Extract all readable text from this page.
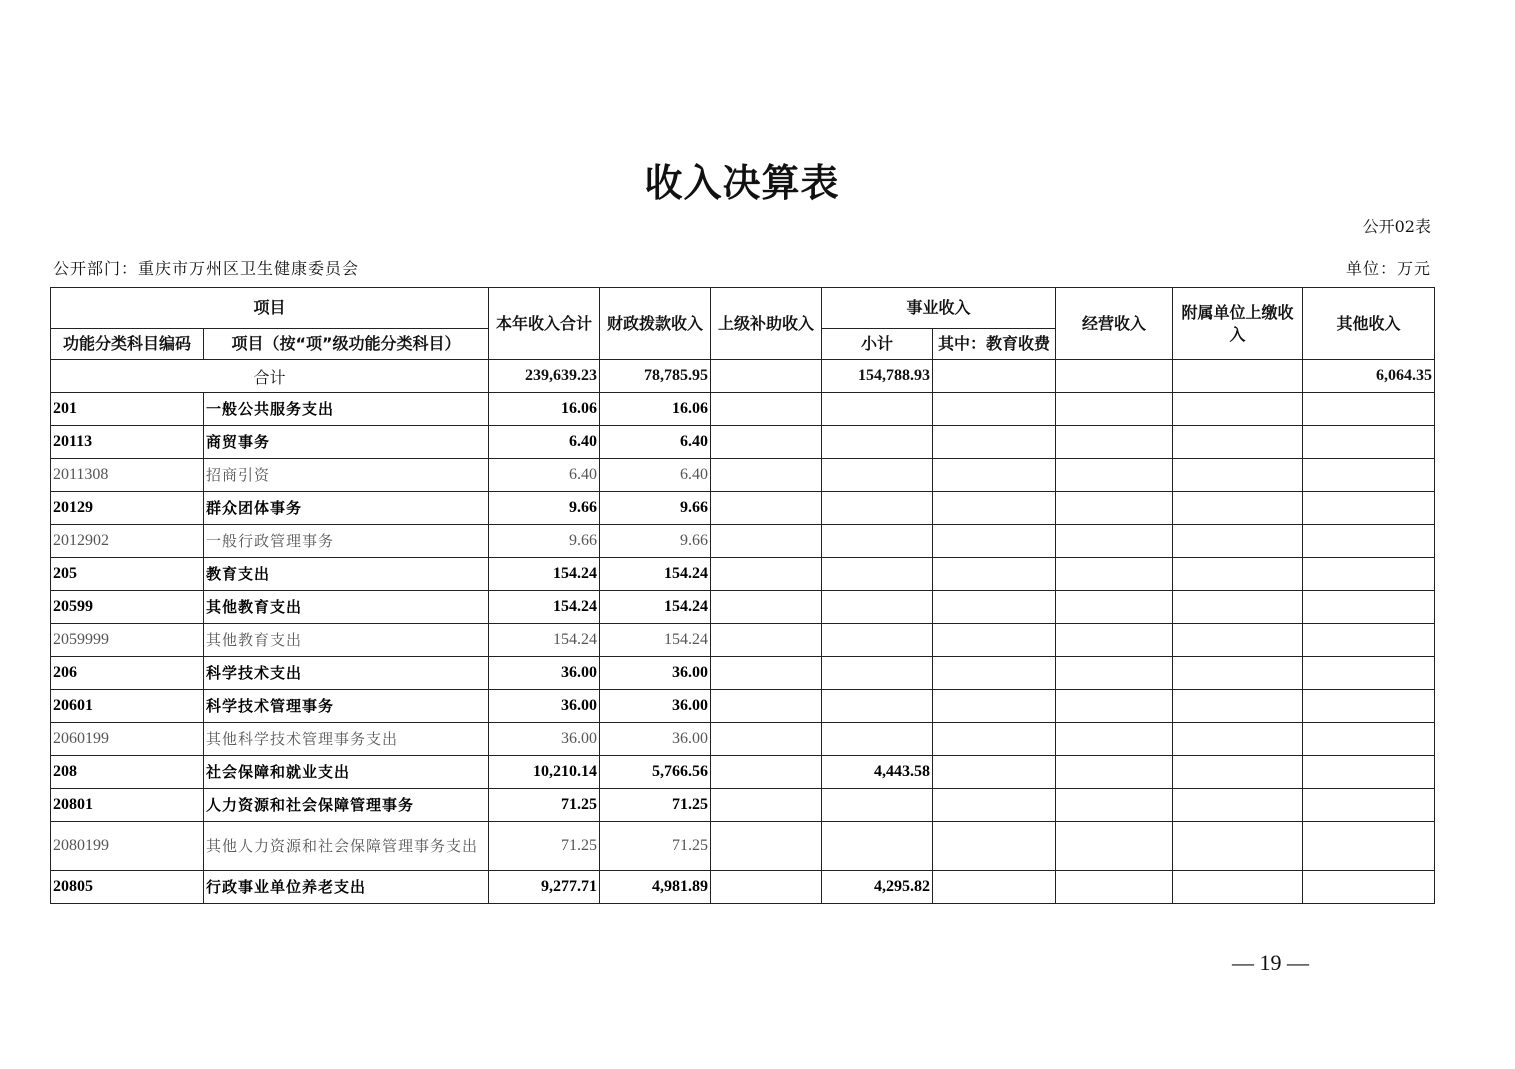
收入决算表
公开02表
公开部门：重庆市万州区卫生健康委员会	单位：万元
项目		本年收入合计	财政拨款收入	上级补助收入	事业收入		经营收入	附属单位上缴收入	其他收入
功能分类科目编码	项目（按“项”级功能分类科目）				小计	其中：教育收费			
合计		239,639.23	78,785.95		154,788.93				6,064.35
201	一般公共服务支出	16.06	16.06						
20113	商贸事务	6.40	6.40						
2011308	招商引资	6.40	6.40						
20129	群众团体事务	9.66	9.66						
2012902	一般行政管理事务	9.66	9.66						
205	教育支出	154.24	154.24						
20599	其他教育支出	154.24	154.24						
2059999	其他教育支出	154.24	154.24						
206	科学技术支出	36.00	36.00						
20601	科学技术管理事务	36.00	36.00						
2060199	其他科学技术管理事务支出	36.00	36.00						
208	社会保障和就业支出	10,210.14	5,766.56		4,443.58				
20801	人力资源和社会保障管理事务	71.25	71.25						
2080199	其他人力资源和社会保障管理事务支出	71.25	71.25						
20805	行政事业单位养老支出	9,277.71	4,981.89		4,295.82				
— 19 —
